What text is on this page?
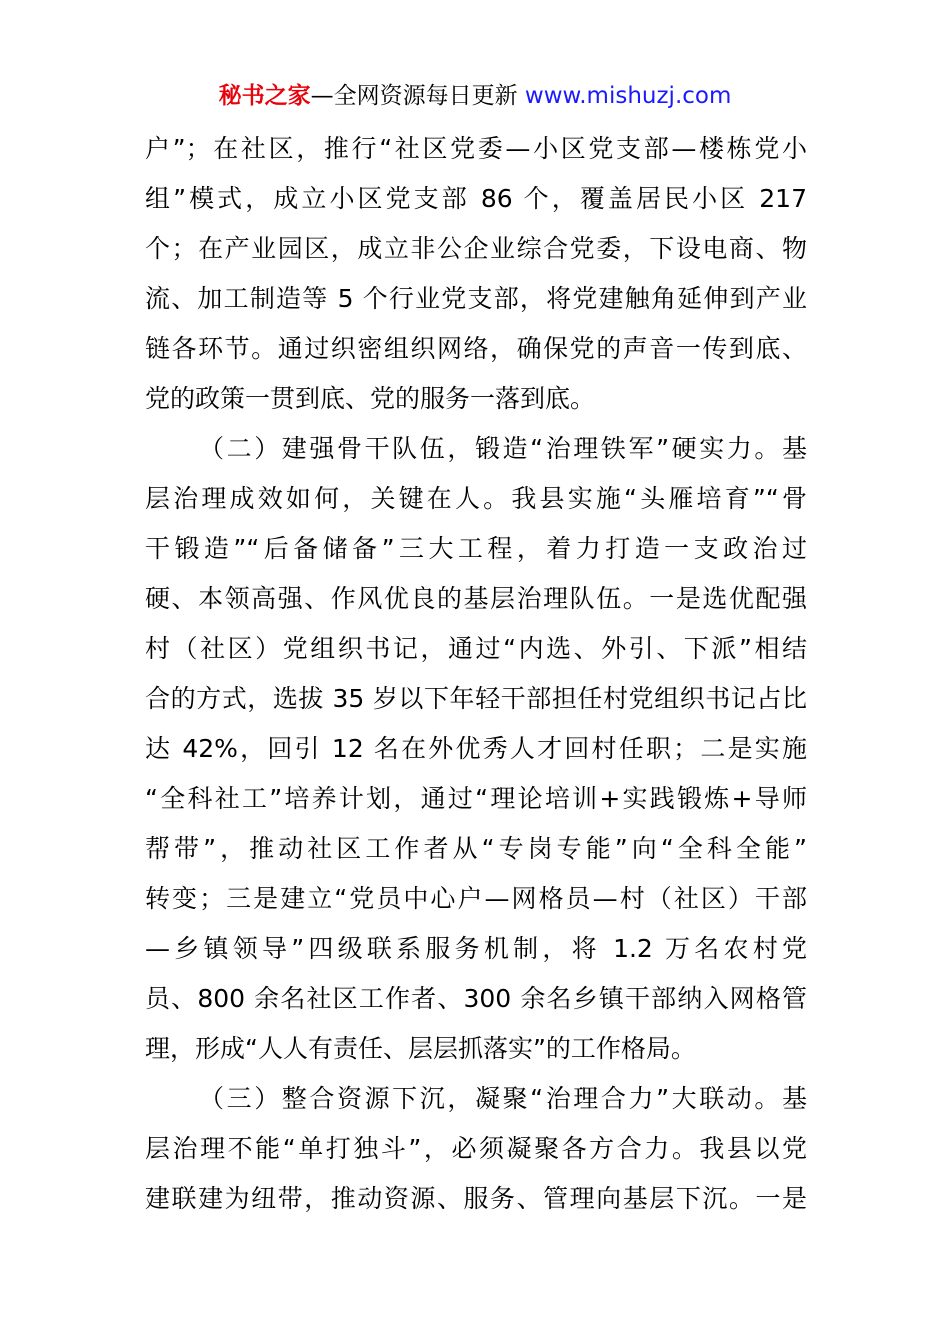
秘书之家—全网资源每日更新 www.mishuzj.com
户”；在社区，推行“社区党委—小区党支部—楼栋党小
组”模式，成立小区党支部 86 个，覆盖居民小区 217
个；在产业园区，成立非公企业综合党委，下设电商、物
流、加工制造等 5 个行业党支部，将党建触角延伸到产业
链各环节。通过织密组织网络，确保党的声音一传到底、
党的政策一贯到底、党的服务一落到底。
（二）建强骨干队伍，锻造“治理铁军”硬实力。基
层治理成效如何，关键在人。我县实施“头雁培育”“骨
干锻造”“后备储备”三大工程，着力打造一支政治过
硬、本领高强、作风优良的基层治理队伍。一是选优配强
村（社区）党组织书记，通过“内选、外引、下派”相结
合的方式，选拔 35 岁以下年轻干部担任村党组织书记占比
达 42%，回引 12 名在外优秀人才回村任职；二是实施
“全科社工”培养计划，通过“理论培训+实践锻炼+导师
帮带”，推动社区工作者从“专岗专能”向“全科全能”
转变；三是建立“党员中心户—网格员—村（社区）干部
—乡镇领导”四级联系服务机制，将 1.2 万名农村党
员、800 余名社区工作者、300 余名乡镇干部纳入网格管
理，形成“人人有责任、层层抓落实”的工作格局。
（三）整合资源下沉，凝聚“治理合力”大联动。基
层治理不能“单打独斗”，必须凝聚各方合力。我县以党
建联建为纽带，推动资源、服务、管理向基层下沉。一是
